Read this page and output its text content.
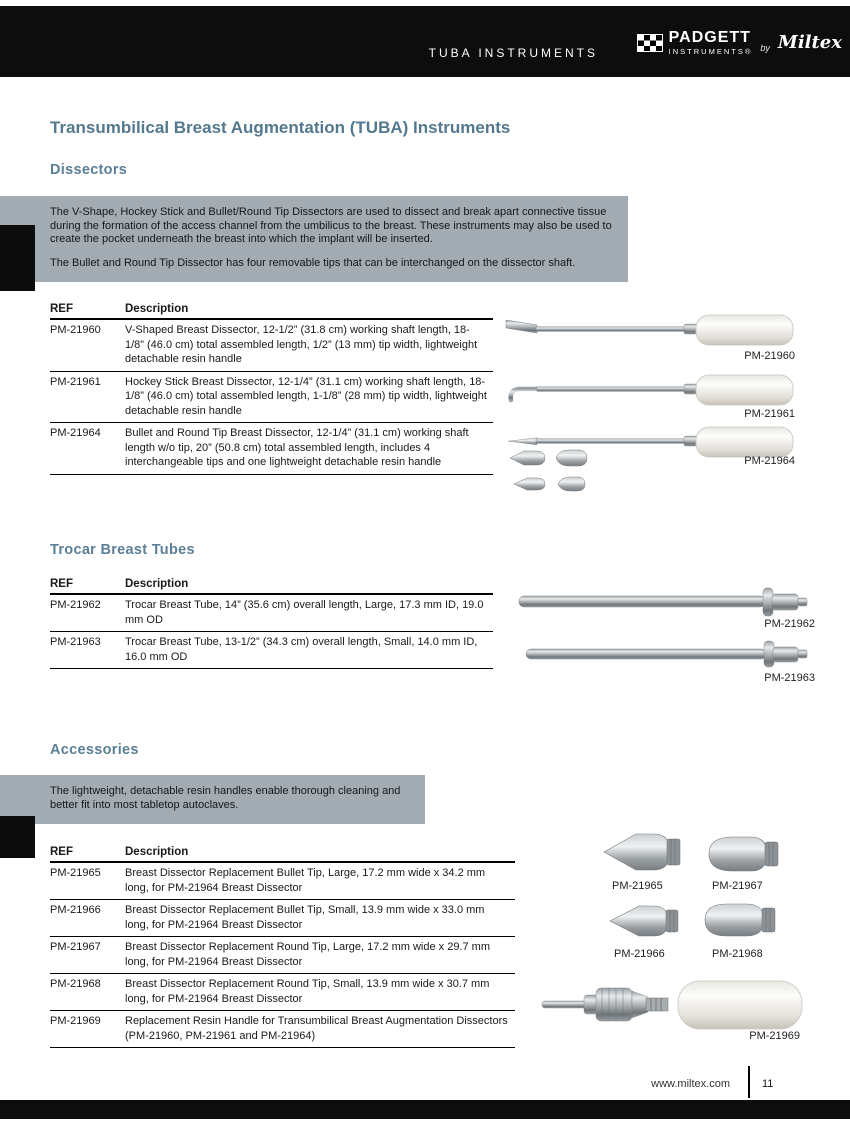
TUBA INSTRUMENTS
PADGETT
INSTRUMENTS® by Miltex
Transumbilical Breast Augmentation (TUBA) Instruments
Dissectors

The V-Shape, Hockey Stick and Bullet/Round Tip Dissectors are used to dissect and break apart connective tissue during the formation of the access channel from the umbilicus to the breast. These instruments may also be used to create the pocket underneath the breast into which the implant will be inserted.

The Bullet and Round Tip Dissector has four removable tips that can be interchanged on the dissector shaft.

REF	Description
PM-21960	V-Shaped Breast Dissector, 12-1/2” (31.8 cm) working shaft length, 18-1/8” (46.0 cm) total assembled length, 1/2” (13 mm) tip width, lightweight detachable resin handle
PM-21961	Hockey Stick Breast Dissector, 12-1/4” (31.1 cm) working shaft length, 18-1/8” (46.0 cm) total assembled length, 1-1/8” (28 mm) tip width, lightweight detachable resin handle
PM-21964	Bullet and Round Tip Breast Dissector, 12-1/4” (31.1 cm) working shaft length w/o tip, 20” (50.8 cm) total assembled length, includes 4 interchangeable tips and one lightweight detachable resin handle
PM-21960
PM-21961
PM-21964
Trocar Breast Tubes
REF	Description
PM-21962	Trocar Breast Tube, 14” (35.6 cm) overall length, Large, 17.3 mm ID, 19.0 mm OD
PM-21963	Trocar Breast Tube, 13-1/2” (34.3 cm) overall length, Small, 14.0 mm ID, 16.0 mm OD
PM-21962
PM-21963
Accessories

The lightweight, detachable resin handles enable thorough cleaning and better fit into most tabletop autoclaves.

REF	Description
PM-21965	Breast Dissector Replacement Bullet Tip, Large, 17.2 mm wide x 34.2 mm long, for PM-21964 Breast Dissector
PM-21966	Breast Dissector Replacement Bullet Tip, Small, 13.9 mm wide x 33.0 mm long, for PM-21964 Breast Dissector
PM-21967	Breast Dissector Replacement Round Tip, Large, 17.2 mm wide x 29.7 mm long, for PM-21964 Breast Dissector
PM-21968	Breast Dissector Replacement Round Tip, Small, 13.9 mm wide x 30.7 mm long, for PM-21964 Breast Dissector
PM-21969	Replacement Resin Handle for Transumbilical Breast Augmentation Dissectors (PM-21960, PM-21961 and PM-21964)
PM-21965	PM-21967
PM-21966	PM-21968
PM-21969
www.miltex.com	11
